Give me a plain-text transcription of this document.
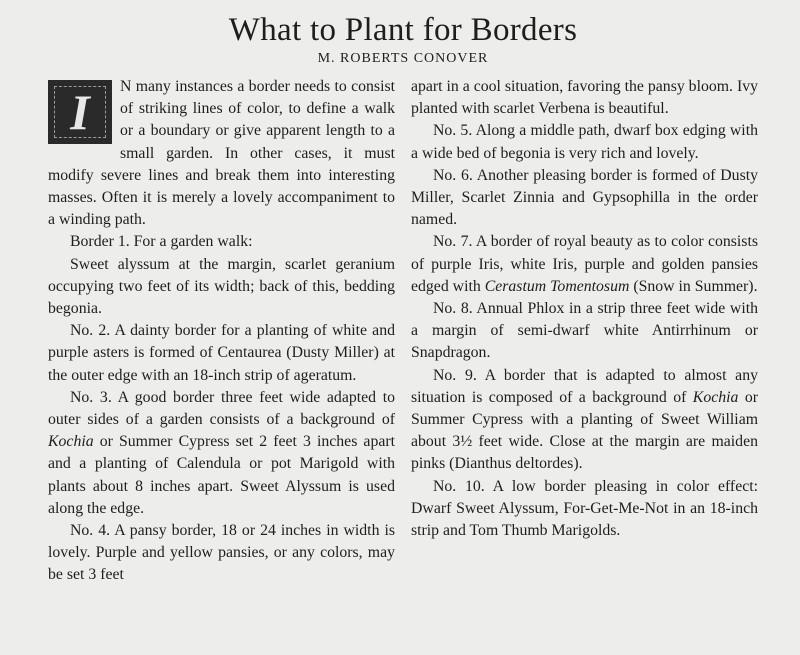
What to Plant for Borders
M. ROBERTS CONOVER

I N many instances a border needs to consist of striking lines of color, to define a walk or a boundary or give apparent length to a small garden. In other cases, it must modify severe lines and break them into interesting masses. Often it is merely a lovely accompaniment to a winding path.

Border 1. For a garden walk:

Sweet alyssum at the margin, scarlet geranium occupying two feet of its width; back of this, bedding begonia.

No. 2. A dainty border for a planting of white and purple asters is formed of Centaurea (Dusty Miller) at the outer edge with an 18-inch strip of ageratum.

No. 3. A good border three feet wide adapted to outer sides of a garden consists of a background of Kochia or Summer Cypress set 2 feet 3 inches apart and a planting of Calendula or pot Marigold with plants about 8 inches apart. Sweet Alyssum is used along the edge.

No. 4. A pansy border, 18 or 24 inches in width is lovely. Purple and yellow pansies, or any colors, may be set 3 feet

apart in a cool situation, favoring the pansy bloom. Ivy planted with scarlet Verbena is beautiful.

No. 5. Along a middle path, dwarf box edging with a wide bed of begonia is very rich and lovely.

No. 6. Another pleasing border is formed of Dusty Miller, Scarlet Zinnia and Gypsophilla in the order named.

No. 7. A border of royal beauty as to color consists of purple Iris, white Iris, purple and golden pansies edged with Cerastum Tomentosum (Snow in Summer).

No. 8. Annual Phlox in a strip three feet wide with a margin of semi-dwarf white Antirrhinum or Snapdragon.

No. 9. A border that is adapted to almost any situation is composed of a background of Kochia or Summer Cypress with a planting of Sweet William about 3½ feet wide. Close at the margin are maiden pinks (Dianthus deltordes).

No. 10. A low border pleasing in color effect: Dwarf Sweet Alyssum, For-Get-Me-Not in an 18-inch strip and Tom Thumb Marigolds.
